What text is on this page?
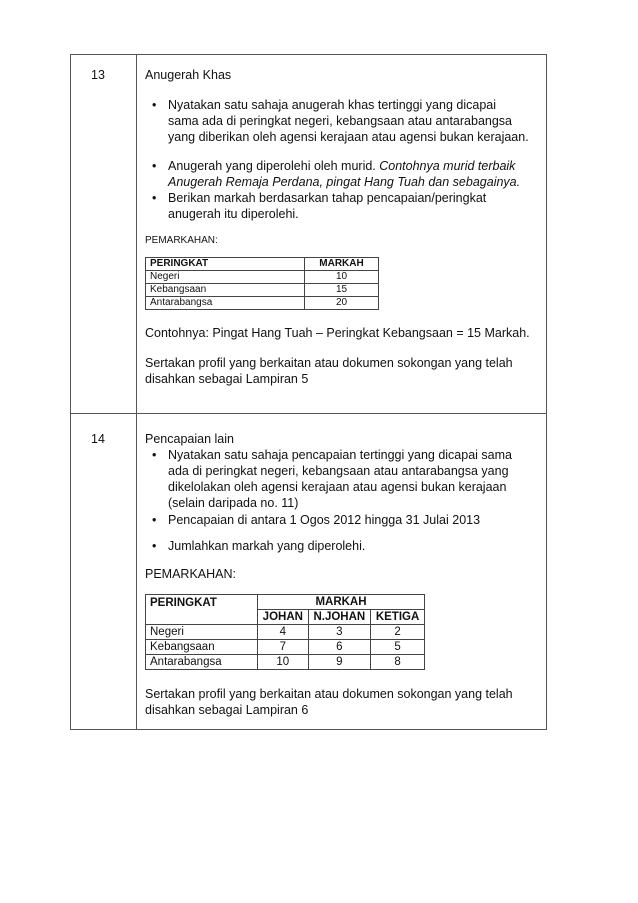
13	Anugerah Khas
• Nyatakan satu sahaja anugerah khas tertinggi yang dicapai
sama ada di peringkat negeri, kebangsaan atau antarabangsa
yang diberikan oleh agensi kerajaan atau agensi bukan kerajaan.
• Anugerah yang diperolehi oleh murid. Contohnya murid terbaik
Anugerah Remaja Perdana, pingat Hang Tuah dan sebagainya.
• Berikan markah berdasarkan tahap pencapaian/peringkat
anugerah itu diperolehi.
PEMARKAHAN:
PERINGKAT	MARKAH
Negeri	10
Kebangsaan	15
Antarabangsa	20
Contohnya: Pingat Hang Tuah – Peringkat Kebangsaan = 15 Markah.
Sertakan profil yang berkaitan atau dokumen sokongan yang telah
disahkan sebagai Lampiran 5
14	Pencapaian lain
• Nyatakan satu sahaja pencapaian tertinggi yang dicapai sama
ada di peringkat negeri, kebangsaan atau antarabangsa yang
dikelolakan oleh agensi kerajaan atau agensi bukan kerajaan
(selain daripada no. 11)
• Pencapaian di antara 1 Ogos 2012 hingga 31 Julai 2013
• Jumlahkan markah yang diperolehi.
PEMARKAHAN:
PERINGKAT	MARKAH		
	JOHAN	N.JOHAN	KETIGA
Negeri	4	3	2
Kebangsaan	7	6	5
Antarabangsa	10	9	8
Sertakan profil yang berkaitan atau dokumen sokongan yang telah
disahkan sebagai Lampiran 6
